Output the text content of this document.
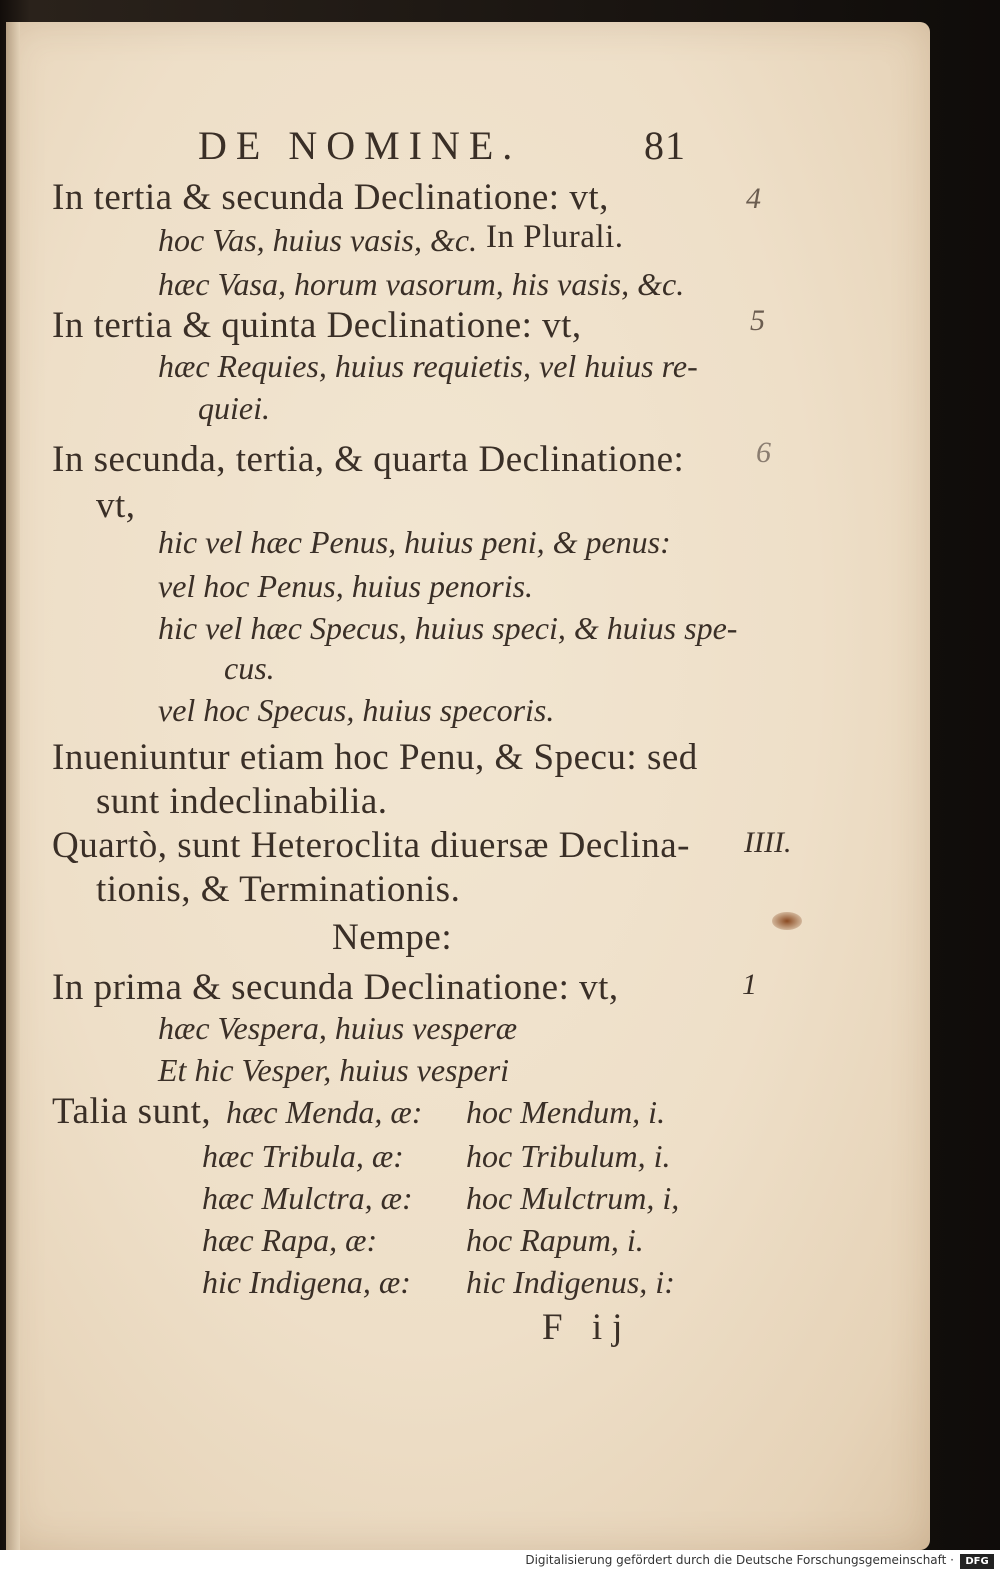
DE NOMINE.	81
In tertia & secunda Declinatione: vt,
hoc Vas, huius vasis, &c. In Plurali.
hæc Vasa, horum vasorum, his vasis, &c.
In tertia & quinta Declinatione: vt,
hæc Requies, huius requietis, vel huius re-
quiei.
In secunda, tertia, & quarta Declinatione:
vt,
hic vel hæc Penus, huius peni, & penus:
vel hoc Penus, huius penoris.
hic vel hæc Specus, huius speci, & huius spe-
cus.
vel hoc Specus, huius specoris.
Inueniuntur etiam hoc Penu, & Specu: sed
sunt indeclinabilia.
Quartò, sunt Heteroclita diuersæ Declina-
tionis, & Terminationis.
Nempe:
In prima & secunda Declinatione: vt,
hæc Vespera, huius vesperæ
Et hic Vesper, huius vesperi
Talia sunt, hæc Menda, æ: hoc Mendum, i.
hæc Tribula, æ: hoc Tribulum, i.
hæc Mulctra, æ: hoc Mulctrum, i,
hæc Rapa, æ:	hoc Rapum, i.
hic Indigena, æ: hic Indigenus, i:
F ij
4
5
6
IIII.
1
Digitalisierung gefördert durch die Deutsche Forschungsgemeinschaft ·	DFG
